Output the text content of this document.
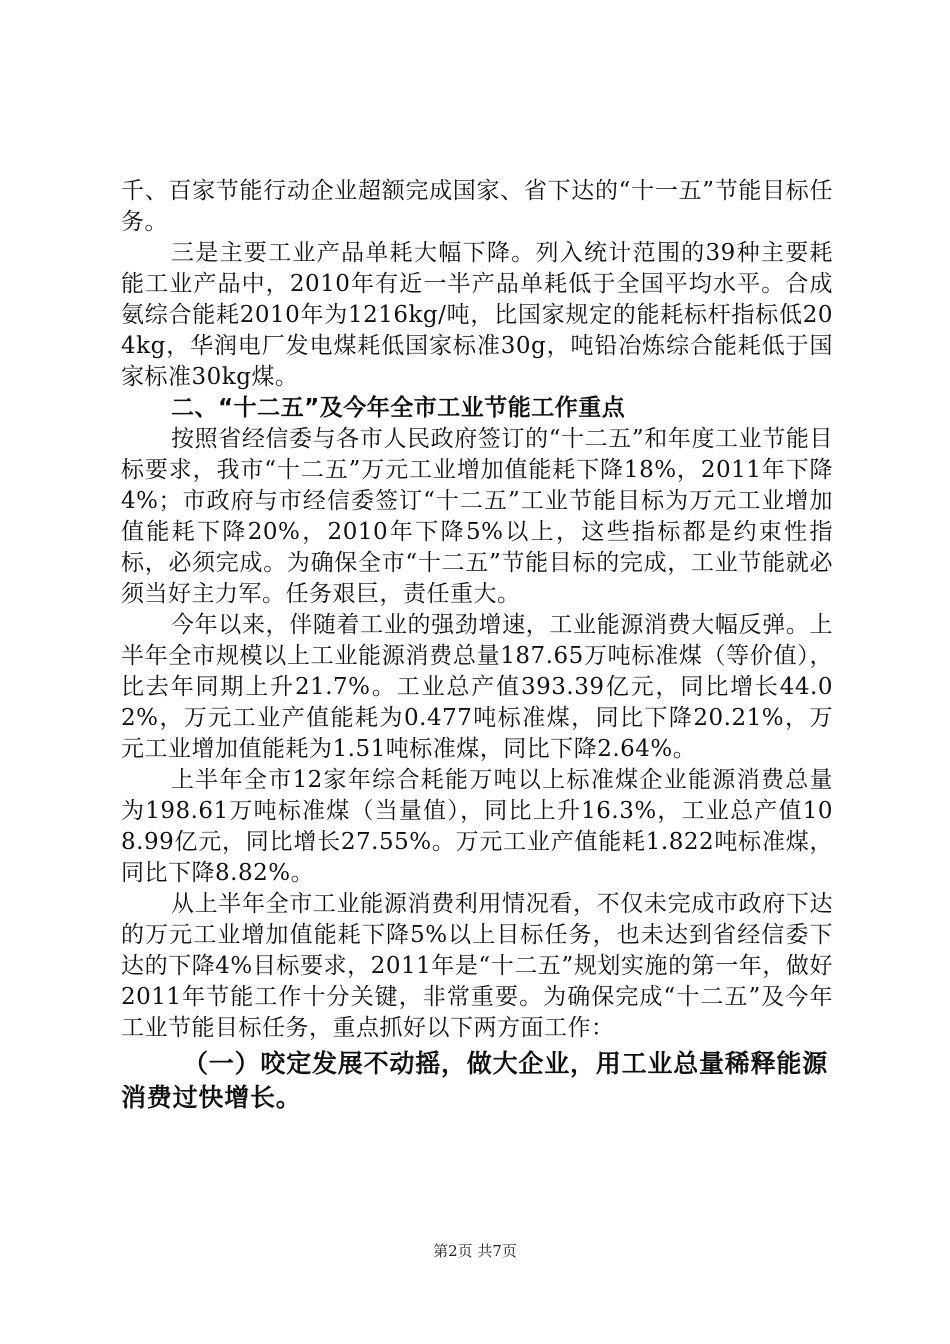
千、百家节能行动企业超额完成国家、省下达的“十一五”节能目标任务。

三是主要工业产品单耗大幅下降。列入统计范围的39种主要耗能工业产品中，2010年有近一半产品单耗低于全国平均水平。合成氨综合能耗2010年为1216kg/吨，比国家规定的能耗标杆指标低204kg，华润电厂发电煤耗低国家标准30g，吨铅冶炼综合能耗低于国家标准30kg煤。

二、“十二五”及今年全市工业节能工作重点

按照省经信委与各市人民政府签订的“十二五”和年度工业节能目标要求，我市“十二五”万元工业增加值能耗下降18%，2011年下降4%；市政府与市经信委签订“十二五”工业节能目标为万元工业增加值能耗下降20%，2010年下降5%以上，这些指标都是约束性指标，必须完成。为确保全市“十二五”节能目标的完成，工业节能就必须当好主力军。任务艰巨，责任重大。

今年以来，伴随着工业的强劲增速，工业能源消费大幅反弹。上半年全市规模以上工业能源消费总量187.65万吨标准煤（等价值），比去年同期上升21.7%。工业总产值393.39亿元，同比增长44.02%，万元工业产值能耗为0.477吨标准煤，同比下降20.21%，万元工业增加值能耗为1.51吨标准煤，同比下降2.64%。

上半年全市12家年综合耗能万吨以上标准煤企业能源消费总量为198.61万吨标准煤（当量值），同比上升16.3%，工业总产值108.99亿元，同比增长27.55%。万元工业产值能耗1.822吨标准煤，同比下降8.82%。

从上半年全市工业能源消费利用情况看，不仅未完成市政府下达的万元工业增加值能耗下降5%以上目标任务，也未达到省经信委下达的下降4%目标要求，2011年是“十二五”规划实施的第一年，做好2011年节能工作十分关键，非常重要。为确保完成“十二五”及今年工业节能目标任务，重点抓好以下两方面工作：

（一）咬定发展不动摇，做大企业，用工业总量稀释能源消费过快增长。

第2页 共7页
